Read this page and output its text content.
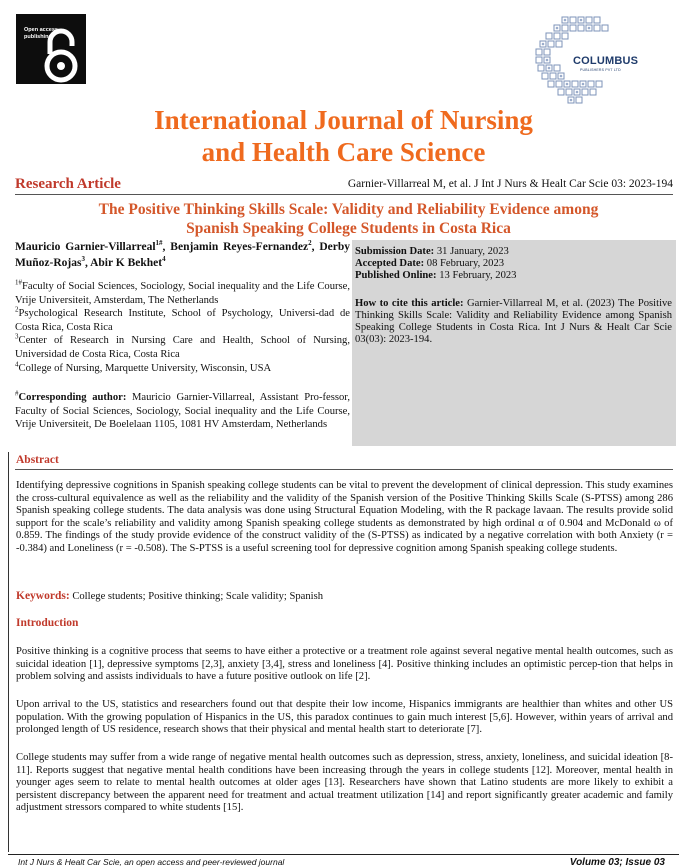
Open access publishing
COLUMBUS
PUBLISHERS PVT LTD
International Journal of Nursing
and Health Care Science
Research Article	Garnier-Villarreal M, et al. J Int J Nurs & Healt Car Scie 03: 2023-194
The Positive Thinking Skills Scale: Validity and Reliability Evidence among
Spanish Speaking College Students in Costa Rica
Mauricio Garnier-Villarreal$^{1\#}$, Benjamin Reyes-Fernandez$^2$, Derby Muñoz-Rojas$^3$, Abir K Bekhet$^4$

$^{1\#}$Faculty of Social Sciences, Sociology, Social inequality and the Life Course, Vrije Universiteit, Amsterdam, The Netherlands

$^2$Psychological Research Institute, School of Psychology, Universi-dad de Costa Rica, Costa Rica

$^3$Center of Research in Nursing Care and Health, School of Nursing, Universidad de Costa Rica, Costa Rica

$^4$College of Nursing, Marquette University, Wisconsin, USA

#Corresponding author: Mauricio Garnier-Villarreal, Assistant Pro-fessor, Faculty of Social Sciences, Sociology, Social inequality and the Life Course, Vrije Universiteit, De Boelelaan 1105, 1081 HV Amsterdam, Netherlands
Submission Date: 31 January, 2023
Accepted Date: 08 February, 2023
Published Online: 13 February, 2023
How to cite this article: Garnier-Villarreal M, et al. (2023) The Positive Thinking Skills Scale: Validity and Reliability Evidence among Spanish Speaking College Students in Costa Rica. Int J Nurs & Healt Car Scie 03(03): 2023-194.
Abstract
Identifying depressive cognitions in Spanish speaking college students can be vital to prevent the development of clinical depression. This study examines the cross-cultural equivalence as well as the reliability and the validity of the Spanish version of the Positive Thinking Skills Scale (S-PTSS) among 286 Spanish speaking college students. The data analysis was done using Structural Equation Modeling, with the R package lavaan. The results provide solid support for the scale’s reliability and validity among Spanish speaking college students as demonstrated by high ordinal α of 0.904 and McDonald ω of 0.859. The findings of the study provide evidence of the construct validity of the (S-PTSS) as indicated by a negative correlation with both Anxiety (r = -0.384) and Loneliness (r = -0.508). The S-PTSS is a useful screening tool for depressive cognition among Spanish speaking college students.
Keywords: College students; Positive thinking; Scale validity; Spanish
Introduction
Positive thinking is a cognitive process that seems to have either a protective or a treatment role against several negative mental health outcomes, such as suicidal ideation [1], depressive symptoms [2,3], anxiety [3,4], stress and loneliness [4]. Positive thinking includes an optimistic percep-tion that helps in problem solving and assists individuals to have a future positive outlook on life [2].
Upon arrival to the US, statistics and researchers found out that despite their low income, Hispanics immigrants are healthier than whites and other US population. With the growing population of Hispanics in the US, this paradox continues to gain much interest [5,6]. However, within years of arrival and prolonged length of US residence, research shows that their physical and mental health start to deteriorate [7].
College students may suffer from a wide range of negative mental health outcomes such as depression, stress, anxiety, loneliness, and suicidal ideation [8-11]. Reports suggest that negative mental health conditions have been increasing through the years in college students [12]. Moreover, mental health in younger ages seem to relate to mental health outcomes at older ages [13]. Researchers have shown that Latino students are more likely to exhibit a persistent discrepancy between the apparent need for treatment and actual treatment utilization [14] and report significantly greater academic and family adjustment stressors compared to white students [15].
Int J Nurs & Healt Car Scie, an open access and peer-reviewed journal	Volume 03; Issue 03
